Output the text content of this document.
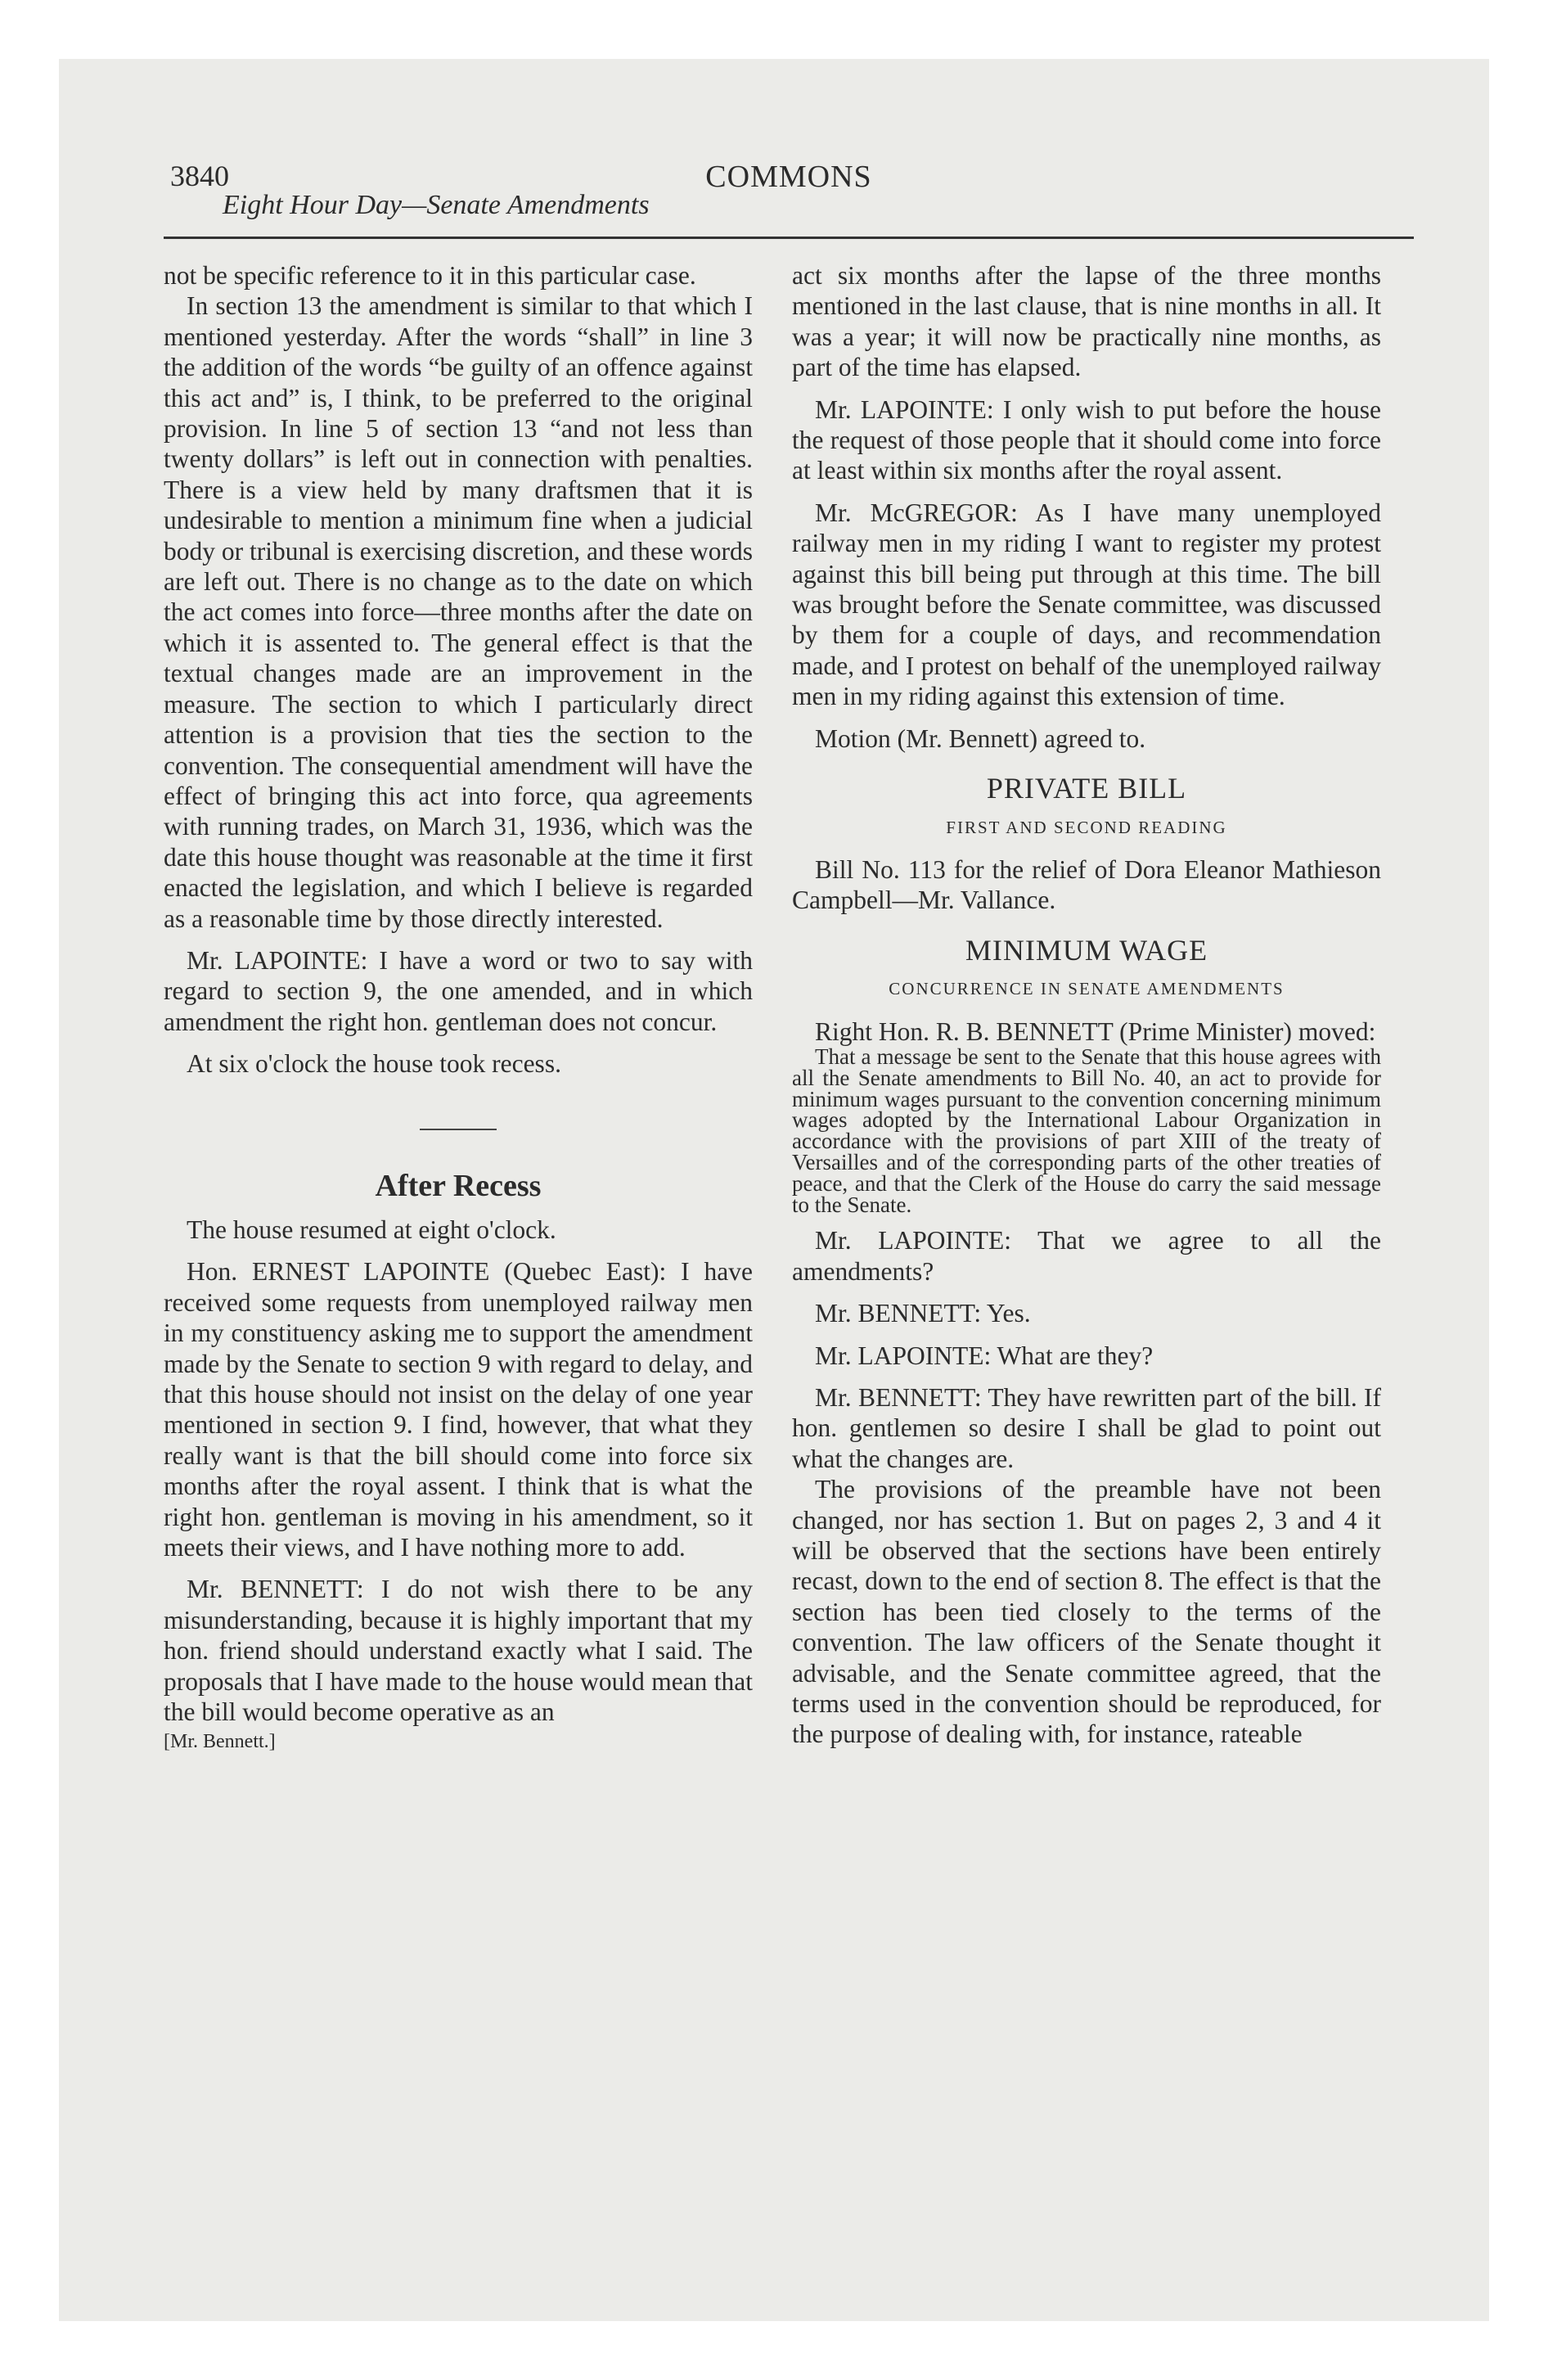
3840	COMMONS
Eight Hour Day—Senate Amendments

not be specific reference to it in this particular case.

In section 13 the amendment is similar to that which I mentioned yesterday. After the words “shall” in line 3 the addition of the words “be guilty of an offence against this act and” is, I think, to be preferred to the original provision. In line 5 of section 13 “and not less than twenty dollars” is left out in connection with penalties. There is a view held by many draftsmen that it is undesirable to mention a minimum fine when a judicial body or tribunal is exercising discretion, and these words are left out. There is no change as to the date on which the act comes into force—three months after the date on which it is assented to. The general effect is that the textual changes made are an improvement in the measure. The section to which I particularly direct attention is a provision that ties the section to the convention. The consequential amendment will have the effect of bringing this act into force, qua agreements with running trades, on March 31, 1936, which was the date this house thought was reasonable at the time it first enacted the legislation, and which I believe is regarded as a reasonable time by those directly interested.

Mr. LAPOINTE: I have a word or two to say with regard to section 9, the one amended, and in which amendment the right hon. gentleman does not concur.

At six o'clock the house took recess.

After Recess

The house resumed at eight o'clock.

Hon. ERNEST LAPOINTE (Quebec East): I have received some requests from unemployed railway men in my constituency asking me to support the amendment made by the Senate to section 9 with regard to delay, and that this house should not insist on the delay of one year mentioned in section 9. I find, however, that what they really want is that the bill should come into force six months after the royal assent. I think that is what the right hon. gentleman is moving in his amendment, so it meets their views, and I have nothing more to add.

Mr. BENNETT: I do not wish there to be any misunderstanding, because it is highly important that my hon. friend should understand exactly what I said. The proposals that I have made to the house would mean that the bill would become operative as an

[Mr. Bennett.]

act six months after the lapse of the three months mentioned in the last clause, that is nine months in all. It was a year; it will now be practically nine months, as part of the time has elapsed.

Mr. LAPOINTE: I only wish to put before the house the request of those people that it should come into force at least within six months after the royal assent.

Mr. McGREGOR: As I have many unemployed railway men in my riding I want to register my protest against this bill being put through at this time. The bill was brought before the Senate committee, was discussed by them for a couple of days, and recommendation made, and I protest on behalf of the unemployed railway men in my riding against this extension of time.

Motion (Mr. Bennett) agreed to.

PRIVATE BILL
FIRST AND SECOND READING

Bill No. 113 for the relief of Dora Eleanor Mathieson Campbell—Mr. Vallance.

MINIMUM WAGE
CONCURRENCE IN SENATE AMENDMENTS

Right Hon. R. B. BENNETT (Prime Minister) moved:

That a message be sent to the Senate that this house agrees with all the Senate amendments to Bill No. 40, an act to provide for minimum wages pursuant to the convention concerning minimum wages adopted by the International Labour Organization in accordance with the provisions of part XIII of the treaty of Versailles and of the corresponding parts of the other treaties of peace, and that the Clerk of the House do carry the said message to the Senate.

Mr. LAPOINTE: That we agree to all the amendments?

Mr. BENNETT: Yes.

Mr. LAPOINTE: What are they?

Mr. BENNETT: They have rewritten part of the bill. If hon. gentlemen so desire I shall be glad to point out what the changes are.

The provisions of the preamble have not been changed, nor has section 1. But on pages 2, 3 and 4 it will be observed that the sections have been entirely recast, down to the end of section 8. The effect is that the section has been tied closely to the terms of the convention. The law officers of the Senate thought it advisable, and the Senate committee agreed, that the terms used in the convention should be reproduced, for the purpose of dealing with, for instance, rateable
